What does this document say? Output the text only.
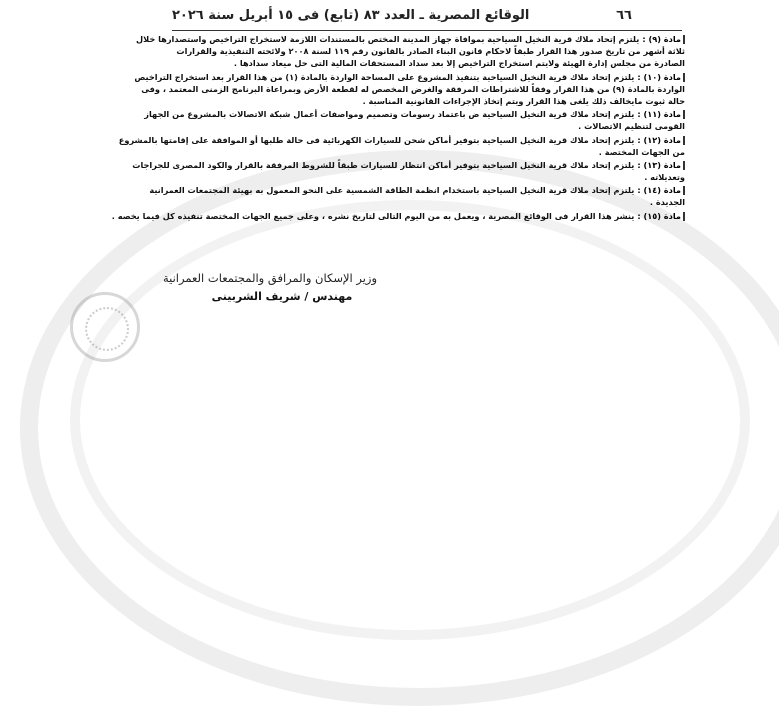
٦٦
الوقائع المصرية ـ العدد ٨٣ (تابع) فى ١٥ أبريل سنة ٢٠٢٦
مادة (٩) :يلتزم إتحاد ملاك قرية النخيل السياحية بموافاة جهاز المدينة المختص بالمستندات اللازمة لاستخراج التراخيص واستصدارها خلال
ثلاثة أشهر من تاريخ صدور هذا القرار طبقاً لاحكام قانون البناء الصادر بالقانون رقم ١١٩ لسنة ٢٠٠٨ ولائحته التنفيذية والقرارات
الصادرة من مجلس إدارة الهيئة ولايتم استخراج التراخيص إلا بعد سداد المستحقات المالية التى حل ميعاد سدادها .
مادة (١٠) :يلتزم إتحاد ملاك قرية النخيل السياحية بتنفيذ المشروع على المساحة الواردة بالمادة (١) من هذا القرار بعد استخراج التراخيص
الواردة بالمادة (٩) من هذا القرار وفقاً للاشتراطات المرفقة والغرض المخصص له لقطعة الأرض وبمراعاة البرنامج الزمنى المعتمد ، وفى
حالة ثبوت مايخالف ذلك يلغى هذا القرار ويتم إتخاذ الإجراءات القانونية المناسبة .
مادة (١١) :يلتزم إتحاد ملاك قرية النخيل السياحية ض باعتماد رسومات وتصميم ومواصفات أعمال شبكة الاتصالات بالمشروع من الجهاز
القومى لتنظيم الاتصالات .
مادة (١٢) :يلتزم إتحاد ملاك قرية النخيل السياحية بتوفير أماكن شحن للسيارات الكهربائية فى حالة طلبها أو الموافقة على إقامتها بالمشروع
من الجهات المختصة .
مادة (١٣) :يلتزم إتحاد ملاك قرية النخيل السياحية بتوفير أماكن انتظار للسيارات طبقاً للشروط المرفقة بالقرار والكود المصرى للجراجات
وتعديلاته .
مادة (١٤) :يلتزم إتحاد ملاك قرية النخيل السياحية باستخدام انظمة الطاقة الشمسية على النحو المعمول به بهيئة المجتمعات العمرانية
الجديدة .
مادة (١٥) :ينشر هذا القرار فى الوقائع المصرية ، ويعمل به من اليوم التالى لتاريخ نشره ، وعلى جميع الجهات المختصة تنفيذه كل فيما يخصه .
وزير الإسكان والمرافق والمجتمعات العمرانية
مهندس / شريف الشربينى
